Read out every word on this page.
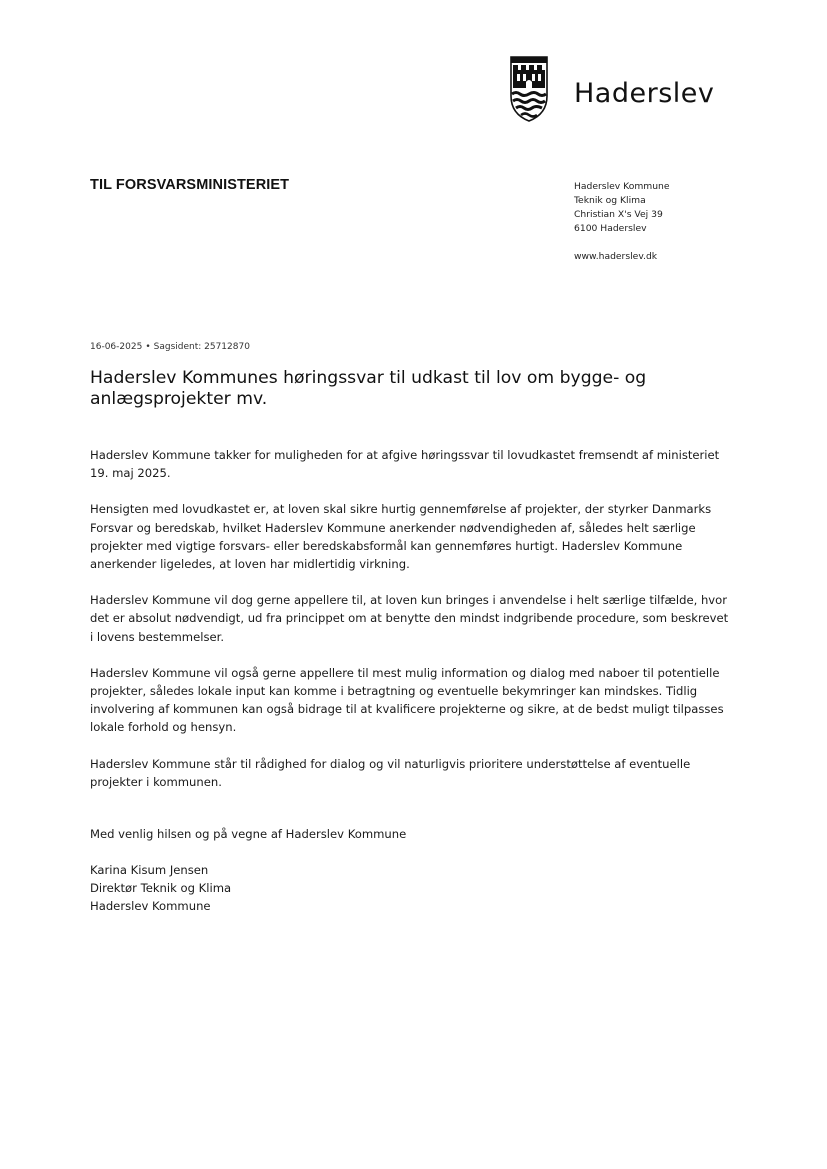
Haderslev
TIL FORSVARSMINISTERIET	Haderslev Kommune
Teknik og Klima
Christian X's Vej 39
6100 Haderslev
www.haderslev.dk
16-06-2025 • Sagsident: 25712870
Haderslev Kommunes høringssvar til udkast til lov om bygge- og anlægsprojekter mv.

Haderslev Kommune takker for muligheden for at afgive høringssvar til lovudkastet fremsendt af ministeriet 19. maj 2025.

Hensigten med lovudkastet er, at loven skal sikre hurtig gennemførelse af projekter, der styrker Danmarks Forsvar og beredskab, hvilket Haderslev Kommune anerkender nødvendigheden af, således helt særlige projekter med vigtige forsvars- eller beredskabsformål kan gennemføres hurtigt. Haderslev Kommune anerkender ligeledes, at loven har midlertidig virkning.

Haderslev Kommune vil dog gerne appellere til, at loven kun bringes i anvendelse i helt særlige tilfælde, hvor det er absolut nødvendigt, ud fra princippet om at benytte den mindst indgribende procedure, som beskrevet i lovens bestemmelser.

Haderslev Kommune vil også gerne appellere til mest mulig information og dialog med naboer til potentielle projekter, således lokale input kan komme i betragtning og eventuelle bekymringer kan mindskes. Tidlig involvering af kommunen kan også bidrage til at kvalificere projekterne og sikre, at de bedst muligt tilpasses lokale forhold og hensyn.

Haderslev Kommune står til rådighed for dialog og vil naturligvis prioritere understøttelse af eventuelle projekter i kommunen.

Med venlig hilsen og på vegne af Haderslev Kommune
Karina Kisum Jensen
Direktør Teknik og Klima
Haderslev Kommune
